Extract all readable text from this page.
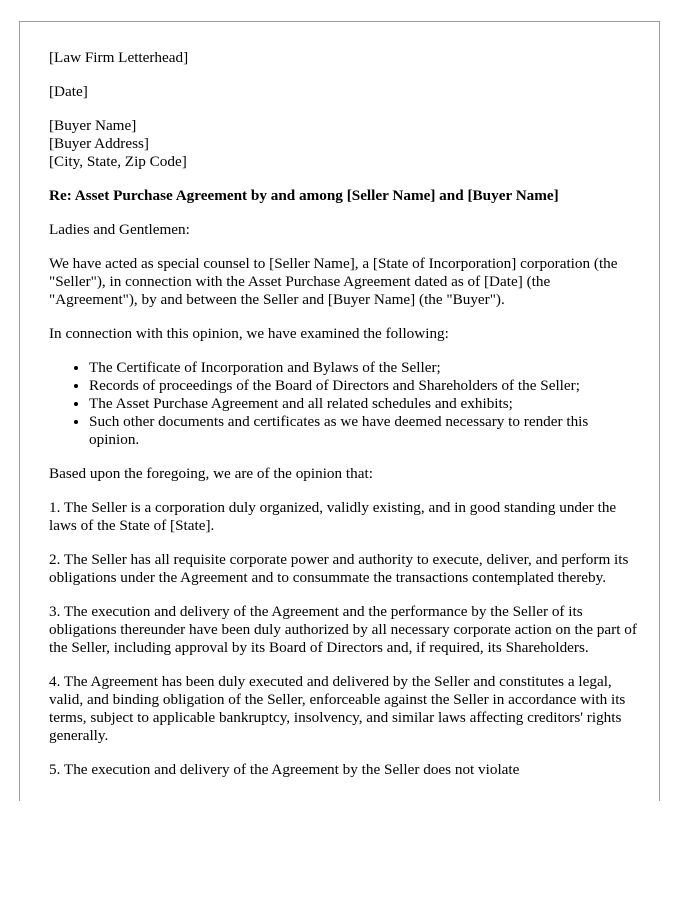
[Law Firm Letterhead]

[Date]

[Buyer Name]
[Buyer Address]
[City, State, Zip Code]

Re: Asset Purchase Agreement by and among [Seller Name] and [Buyer Name]

Ladies and Gentlemen:

We have acted as special counsel to [Seller Name], a [State of Incorporation] corporation (the "Seller"), in connection with the Asset Purchase Agreement dated as of [Date] (the "Agreement"), by and between the Seller and [Buyer Name] (the "Buyer").

In connection with this opinion, we have examined the following:

• The Certificate of Incorporation and Bylaws of the Seller;
• Records of proceedings of the Board of Directors and Shareholders of the Seller;
• The Asset Purchase Agreement and all related schedules and exhibits;
• Such other documents and certificates as we have deemed necessary to render this opinion.

Based upon the foregoing, we are of the opinion that:

1. The Seller is a corporation duly organized, validly existing, and in good standing under the laws of the State of [State].

2. The Seller has all requisite corporate power and authority to execute, deliver, and perform its obligations under the Agreement and to consummate the transactions contemplated thereby.

3. The execution and delivery of the Agreement and the performance by the Seller of its obligations thereunder have been duly authorized by all necessary corporate action on the part of the Seller, including approval by its Board of Directors and, if required, its Shareholders.

4. The Agreement has been duly executed and delivered by the Seller and constitutes a legal, valid, and binding obligation of the Seller, enforceable against the Seller in accordance with its terms, subject to applicable bankruptcy, insolvency, and similar laws affecting creditors' rights generally.

5. The execution and delivery of the Agreement by the Seller does not violate
